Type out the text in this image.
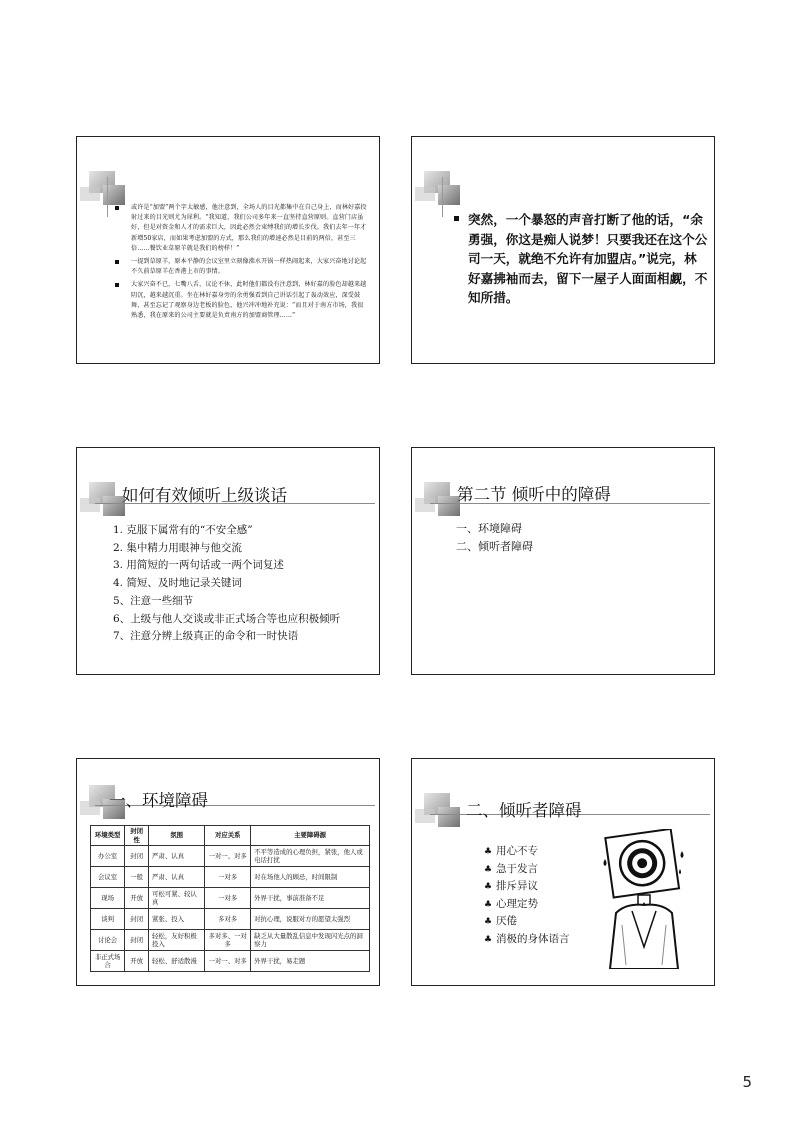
或许是“加盟”两个字太敏感，他注意到，全场人的目光都集中在自己身上，而林好嘉投射过来的目光则尤为犀利。“我知道，我们公司多年来一直坚持直营原则。直营门店虽好，但是对资金和人才的需求巨大，因此必然会束缚我们的增长步伐。我们去年一年才新增50家店，而如果考虑加盟的方式，那么我们的增速必然是目前的两倍，甚至三倍……餐饮业草原羊就是我们的榜样！”
一提到草原羊，原本平静的会议室里立刻像沸水开锅一样热闹起来，大家兴奋地讨论起不久前草原羊在香港上市的事情。
大家兴奋不已，七嘴八舌，议论不休，此时他们都没有注意到，林好嘉的脸色却越来越阴沉，越来越沉重。坐在林好嘉身旁的余勇强看到自己讲话引起了轰动效应，深受鼓舞，甚至忘记了观察身边老板的脸色，他兴冲冲地补充说：“而且对于南方市场，我很熟悉，我在原来的公司主要就是负责南方的加盟商管理……”
突然，一个暴怒的声音打断了他的话，“余勇强，你这是痴人说梦！只要我还在这个公司一天，就绝不允许有加盟店。”说完，林好嘉拂袖而去，留下一屋子人面面相觑，不知所措。
如何有效倾听上级谈话
1. 克服下属常有的“不安全感”
2. 集中精力用眼神与他交流
3. 用简短的一两句话或一两个词复述
4. 简短、及时地记录关键词
5、注意一些细节
6、上级与他人交谈或非正式场合等也应积极倾听
7、注意分辨上级真正的命令和一时快语
第二节 倾听中的障碍
一、环境障碍
二、倾听者障碍
一、环境障碍
环境类型	封闭性	氛围	对应关系	主要障碍源
办公室	封闭	严肃、认真	一对一、对多	不平等造成的心理负担，紧张，他人或电话打扰
会议室	一般	严肃、认真	一对多	对在场他人的顾忌，时间限制
现场	开放	可松可紧、较认真	一对多	外界干扰，事前准备不足
谈判	封闭	紧张、投入	多对多	对抗心理，说服对方的愿望太强烈
讨论会	封闭	轻松，友好积极投入	多对多、一对多	缺乏从大量散乱信息中发现闪光点的洞察力
非正式场合	开放	轻松、舒适散漫	一对一、对多	外界干扰，易走题
二、倾听者障碍
♣ 用心不专
♣ 急于发言
♣ 排斥异议
♣ 心理定势
♣ 厌倦
♣ 消极的身体语言
5
